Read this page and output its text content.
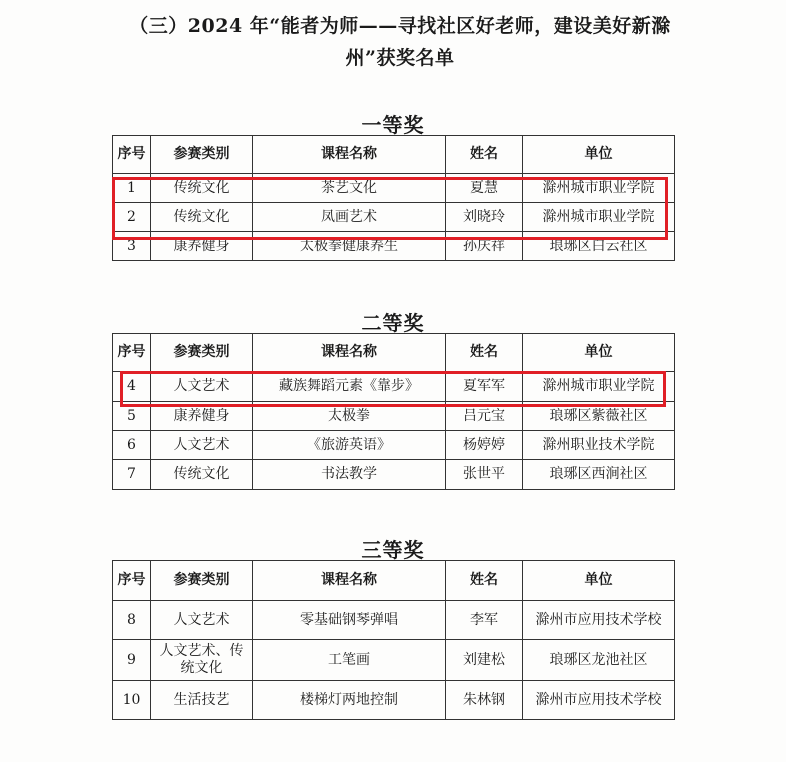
（三）2024 年“能者为师——寻找社区好老师，建设美好新滁
州”获奖名单
一等奖
序号	参赛类别	课程名称	姓名	单位
1	传统文化	茶艺文化	夏慧	滁州城市职业学院
2	传统文化	凤画艺术	刘晓玲	滁州城市职业学院
3	康养健身	太极拳健康养生	孙庆祥	琅琊区白云社区
二等奖
序号	参赛类别	课程名称	姓名	单位
4	人文艺术	藏族舞蹈元素《靠步》	夏军军	滁州城市职业学院
5	康养健身	太极拳	吕元宝	琅琊区紫薇社区
6	人文艺术	《旅游英语》	杨婷婷	滁州职业技术学院
7	传统文化	书法教学	张世平	琅琊区西涧社区
三等奖
序号	参赛类别	课程名称	姓名	单位
8	人文艺术	零基础钢琴弹唱	李军	滁州市应用技术学校
9	人文艺术、传统文化	工笔画	刘建松	琅琊区龙池社区
10	生活技艺	楼梯灯两地控制	朱林钢	滁州市应用技术学校
